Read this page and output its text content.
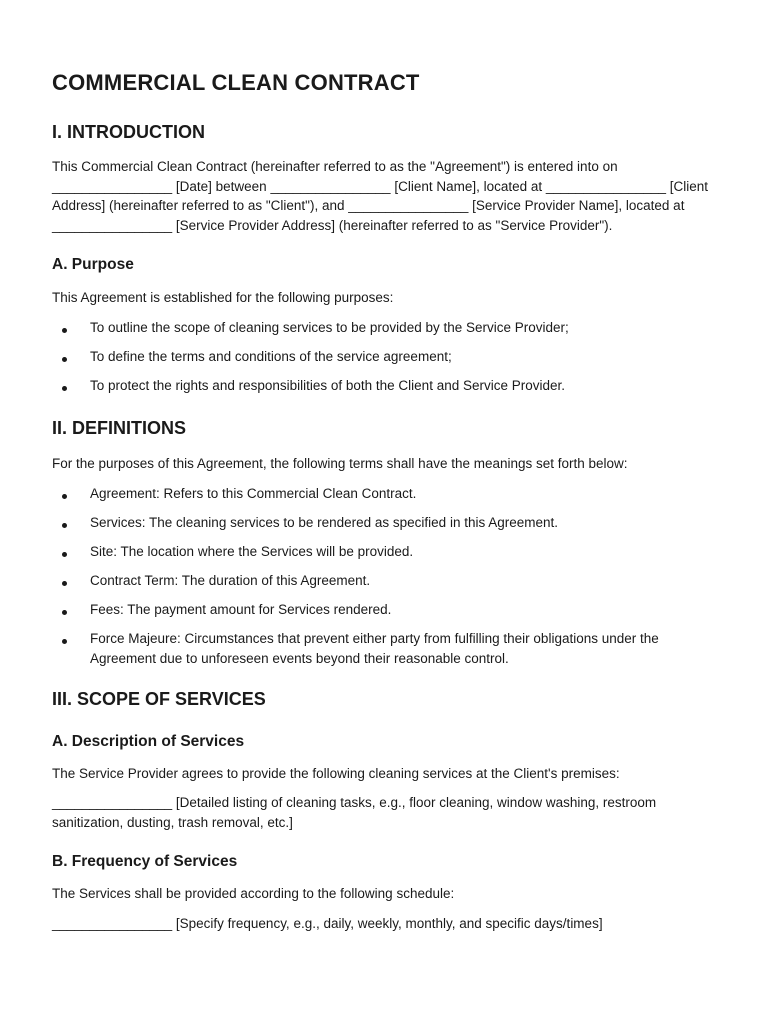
COMMERCIAL CLEAN CONTRACT
I. INTRODUCTION

This Commercial Clean Contract (hereinafter referred to as the "Agreement") is entered into on ________________ [Date] between ________________ [Client Name], located at ________________ [Client Address] (hereinafter referred to as "Client"), and ________________ [Service Provider Name], located at ________________ [Service Provider Address] (hereinafter referred to as "Service Provider").

A. Purpose

This Agreement is established for the following purposes:

To outline the scope of cleaning services to be provided by the Service Provider;
To define the terms and conditions of the service agreement;
To protect the rights and responsibilities of both the Client and Service Provider.
II. DEFINITIONS

For the purposes of this Agreement, the following terms shall have the meanings set forth below:

Agreement: Refers to this Commercial Clean Contract.
Services: The cleaning services to be rendered as specified in this Agreement.
Site: The location where the Services will be provided.
Contract Term: The duration of this Agreement.
Fees: The payment amount for Services rendered.
Force Majeure: Circumstances that prevent either party from fulfilling their obligations under the Agreement due to unforeseen events beyond their reasonable control.
III. SCOPE OF SERVICES
A. Description of Services

The Service Provider agrees to provide the following cleaning services at the Client's premises:

________________ [Detailed listing of cleaning tasks, e.g., floor cleaning, window washing, restroom sanitization, dusting, trash removal, etc.]

B. Frequency of Services

The Services shall be provided according to the following schedule:

________________ [Specify frequency, e.g., daily, weekly, monthly, and specific days/times]
